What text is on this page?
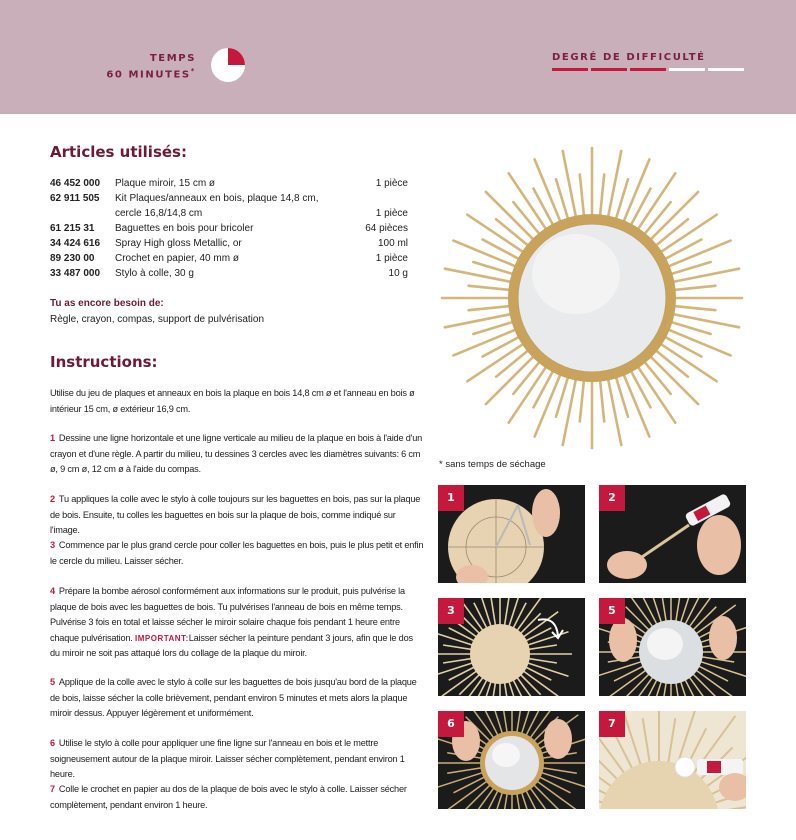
TEMPS
60 MINUTES*
DEGRÉ DE DIFFICULTÉ
Articles utilisés:
46 452 000	Plaque miroir, 15 cm ø	1 pièce
62 911 505	Kit Plaques/anneaux en bois, plaque 14,8 cm,
cercle 16,8/14,8 cm	1 pièce
61 215 31	Baguettes en bois pour bricoler	64 pièces
34 424 616	Spray High gloss Metallic, or	100 ml
89 230 00	Crochet en papier, 40 mm ø	1 pièce
33 487 000	Stylo à colle, 30 g	10 g
Tu as encore besoin de:
Règle, crayon, compas, support de pulvérisation
Instructions:
Utilise du jeu de plaques et anneaux en bois la plaque en bois 14,8 cm ø et l'anneau en bois ø intérieur 15 cm, ø extérieur 16,9 cm.
1 Dessine une ligne horizontale et une ligne verticale au milieu de la plaque en bois à l'aide d'un crayon et d'une règle. A partir du milieu, tu dessines 3 cercles avec les diamètres suivants: 6 cm ø, 9 cm ø, 12 cm ø à l'aide du compas.
2 Tu appliques la colle avec le stylo à colle toujours sur les baguettes en bois, pas sur la plaque de bois. Ensuite, tu colles les baguettes en bois sur la plaque de bois, comme indiqué sur l'image.
3 Commence par le plus grand cercle pour coller les baguettes en bois, puis le plus petit et enfin le cercle du milieu. Laisser sécher.
4 Prépare la bombe aérosol conformément aux informations sur le produit, puis pulvérise la plaque de bois avec les baguettes de bois. Tu pulvérises l'anneau de bois en même temps. Pulvérise 3 fois en total et laisse sécher le miroir solaire chaque fois pendant 1 heure entre chaque pulvérisation. IMPORTANT:Laisser sécher la peinture pendant 3 jours, afin que le dos du miroir ne soit pas attaqué lors du collage de la plaque du miroir.
5 Applique de la colle avec le stylo à colle sur les baguettes de bois jusqu'au bord de la plaque de bois, laisse sécher la colle brièvement, pendant environ 5 minutes et mets alors la plaque miroir dessus. Appuyer légèrement et uniformément.
6 Utilise le stylo à colle pour appliquer une fine ligne sur l'anneau en bois et le mettre soigneusement autour de la plaque miroir. Laisser sécher complètement, pendant environ 1 heure.
7 Colle le crochet en papier au dos de la plaque de bois avec le stylo à colle. Laisser sécher complètement, pendant environ 1 heure.
* sans temps de séchage
1	2
3	5
6	7
